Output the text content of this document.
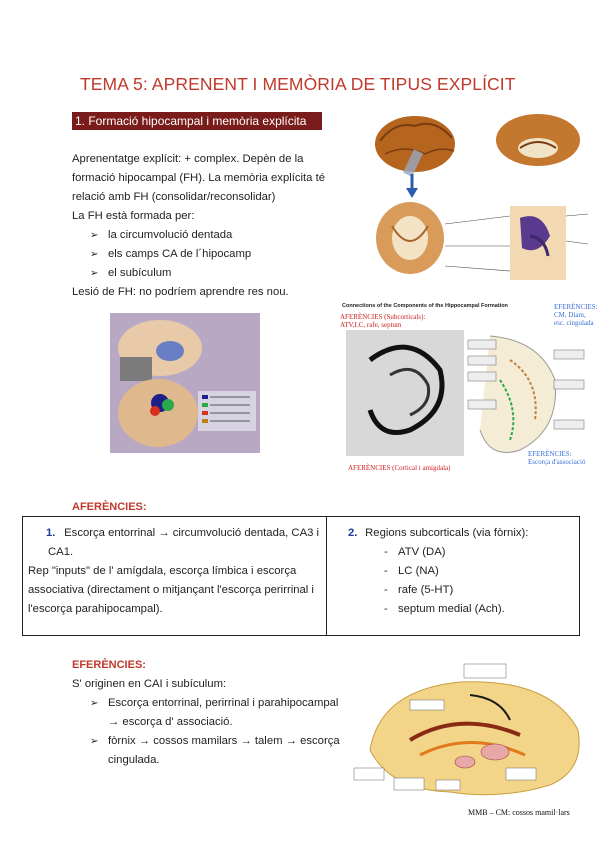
TEMA 5: APRENENT I MEMÒRIA DE TIPUS EXPLÍCIT
1. Formació hipocampal i memòria explícita
Aprenentatge explícit: + complex. Depèn de la formació hipocampal (FH). La memòria explícita té relació amb FH (consolidar/reconsolidar)
La FH està formada per:
➢ la circumvolució dentada
➢ els camps CA de l´hipocamp
➢ el subículum
Lesió de FH: no podríem aprendre res nou.
Connections of the Components of the Hippocampal Formation
AFERÈNCIES (Subcorticals):
ATV,LC, rafe, septum
EFERÈNCIES:
CM, Diam,
esc. cingulada
AFERÈNCIES (Cortical i amígdala)
EFERÈNCIES:
Escorça d'associació
AFERÈNCIES:
1. Escorça entorrinal → circumvolució dentada, CA3 i CA1.
Rep "inputs" de l' amígdala, escorça límbica i escorça associativa (directament o mitjançant l'escorça perirrinal i l'escorça parahipocampal).
2. Regions subcorticals (via fòrnix):
- ATV (DA)
- LC (NA)
- rafe (5-HT)
- septum medial (Ach).
EFERÈNCIES:
S' originen en CAI i subículum:
➢ Escorça entorrinal, perirrinal i parahipocampal → escorça d' associació.
➢ fòrnix → cossos mamilars → talem → escorça cingulada.
MMB – CM: cossos mamil·lars
